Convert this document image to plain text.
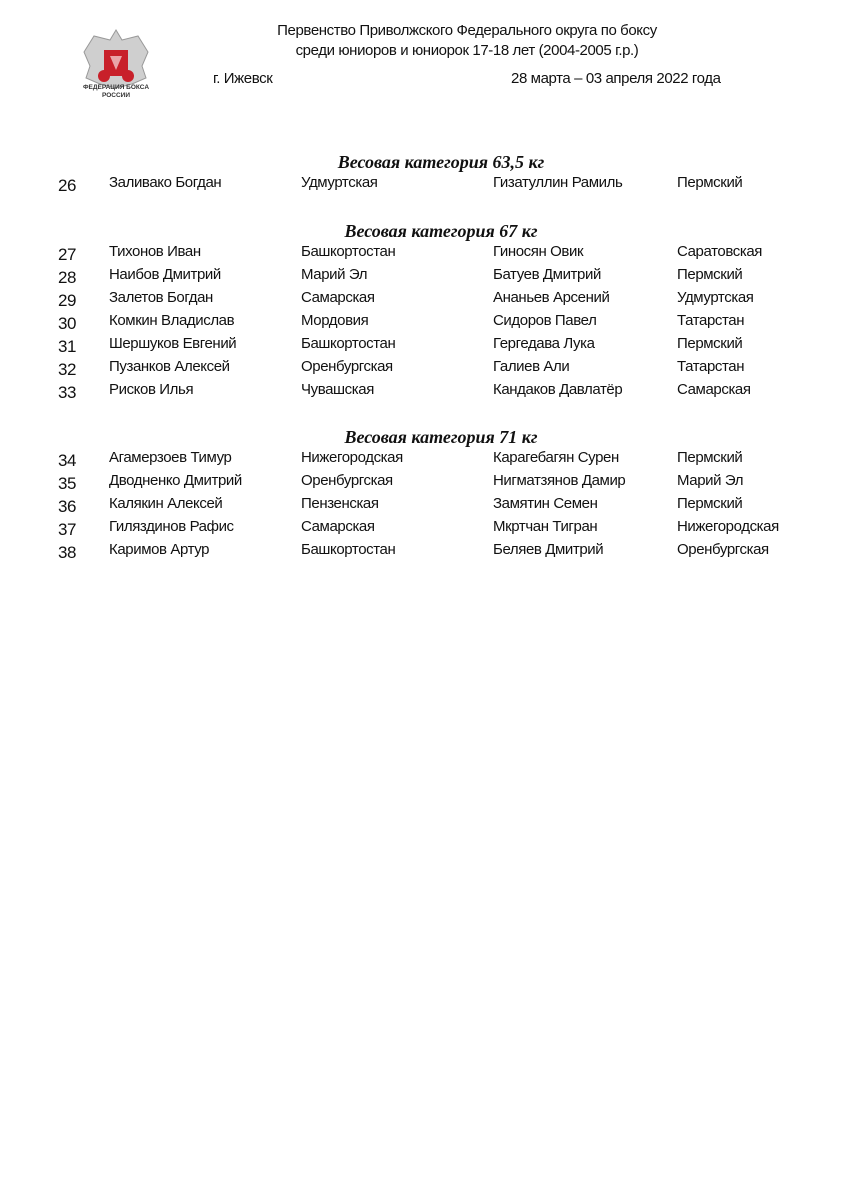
ФЕДЕРАЦИЯ БОКСА РОССИИ
Первенство Приволжского Федерального округа по боксу
среди юниоров и юниорок 17-18 лет (2004-2005 г.р.)
г. Ижевск	28 марта – 03 апреля 2022 года
Весовая категория 63,5 кг
26 Заливако Богдан	Удмуртская	Гизатуллин Рамиль	Пермский
Весовая категория 67 кг
27 Тихонов Иван	Башкортостан	Гиносян Овик	Саратовская
28 Наибов Дмитрий	Марий Эл	Батуев Дмитрий	Пермский
29 Залетов Богдан	Самарская	Ананьев Арсений	Удмуртская
30 Комкин Владислав	Мордовия	Сидоров Павел	Татарстан
31 Шершуков Евгений	Башкортостан	Гергедава Лука	Пермский
32 Пузанков Алексей	Оренбургская	Галиев Али	Татарстан
33 Рисков Илья	Чувашская	Кандаков Давлатёр	Самарская
Весовая категория 71 кг
34 Агамерзоев Тимур	Нижегородская	Карагебагян Сурен	Пермский
35 Дводненко Дмитрий	Оренбургская	Нигматзянов Дамир	Марий Эл
36 Калякин Алексей	Пензенская	Замятин Семен	Пермский
37 Гиляздинов Рафис	Самарская	Мкртчан Тигран	Нижегородская
38 Каримов Артур	Башкортостан	Беляев Дмитрий	Оренбургская
